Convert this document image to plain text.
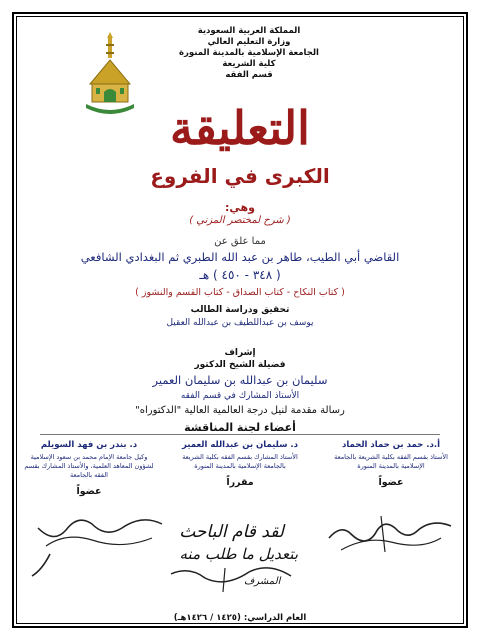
المملكة العربية السعودية
وزارة التعليم العالي
الجامعة الإسلامية بالمدينة المنورة
كلية الشريعة
قسم الفقه
التعليقة
الكبرى في الفروع
وهي:
( شرح لمختصر المزني )
مما علق عن
القاضي أبي الطيب، طاهر بن عبد الله الطبري ثم البغدادي الشافعي
( ٣٤٨ - ٤٥٠ ) هـ
( كتاب النكاح - كتاب الصداق - كتاب القسم والنشوز )
تحقيق ودراسة الطالب
يوسف بن عبداللطيف بن عبدالله العقيل
إشراف
فضيلة الشيخ الدكتور
سليمان بن عبدالله بن سليمان العمير
الأستاذ المشارك في قسم الفقه
رسالة مقدمة لنيل درجة العالمية العالية "الدكتوراه"
أعضاء لجنة المناقشة
أ.د. حمد بن حماد الحماد
الأستاذ بقسم الفقه بكلية الشريعة بالجامعة الإسلامية بالمدينة المنورة
عضواً
د. سليمان بن عبدالله العمير
الأستاذ المشارك بقسم الفقه بكلية الشريعة بالجامعة الإسلامية بالمدينة المنورة
مقرراً
د. بندر بن فهد السويلم
وكيل جامعة الإمام محمد بن سعود الإسلامية لشؤون المعاهد العلمية، والأستاذ المشارك بقسم الفقه بالجامعة
عضواً
لقد قام الباحث
بتعديل ما طلب منه
المشرف
العام الدراسي: (١٤٢٥ / ١٤٢٦هـ)
